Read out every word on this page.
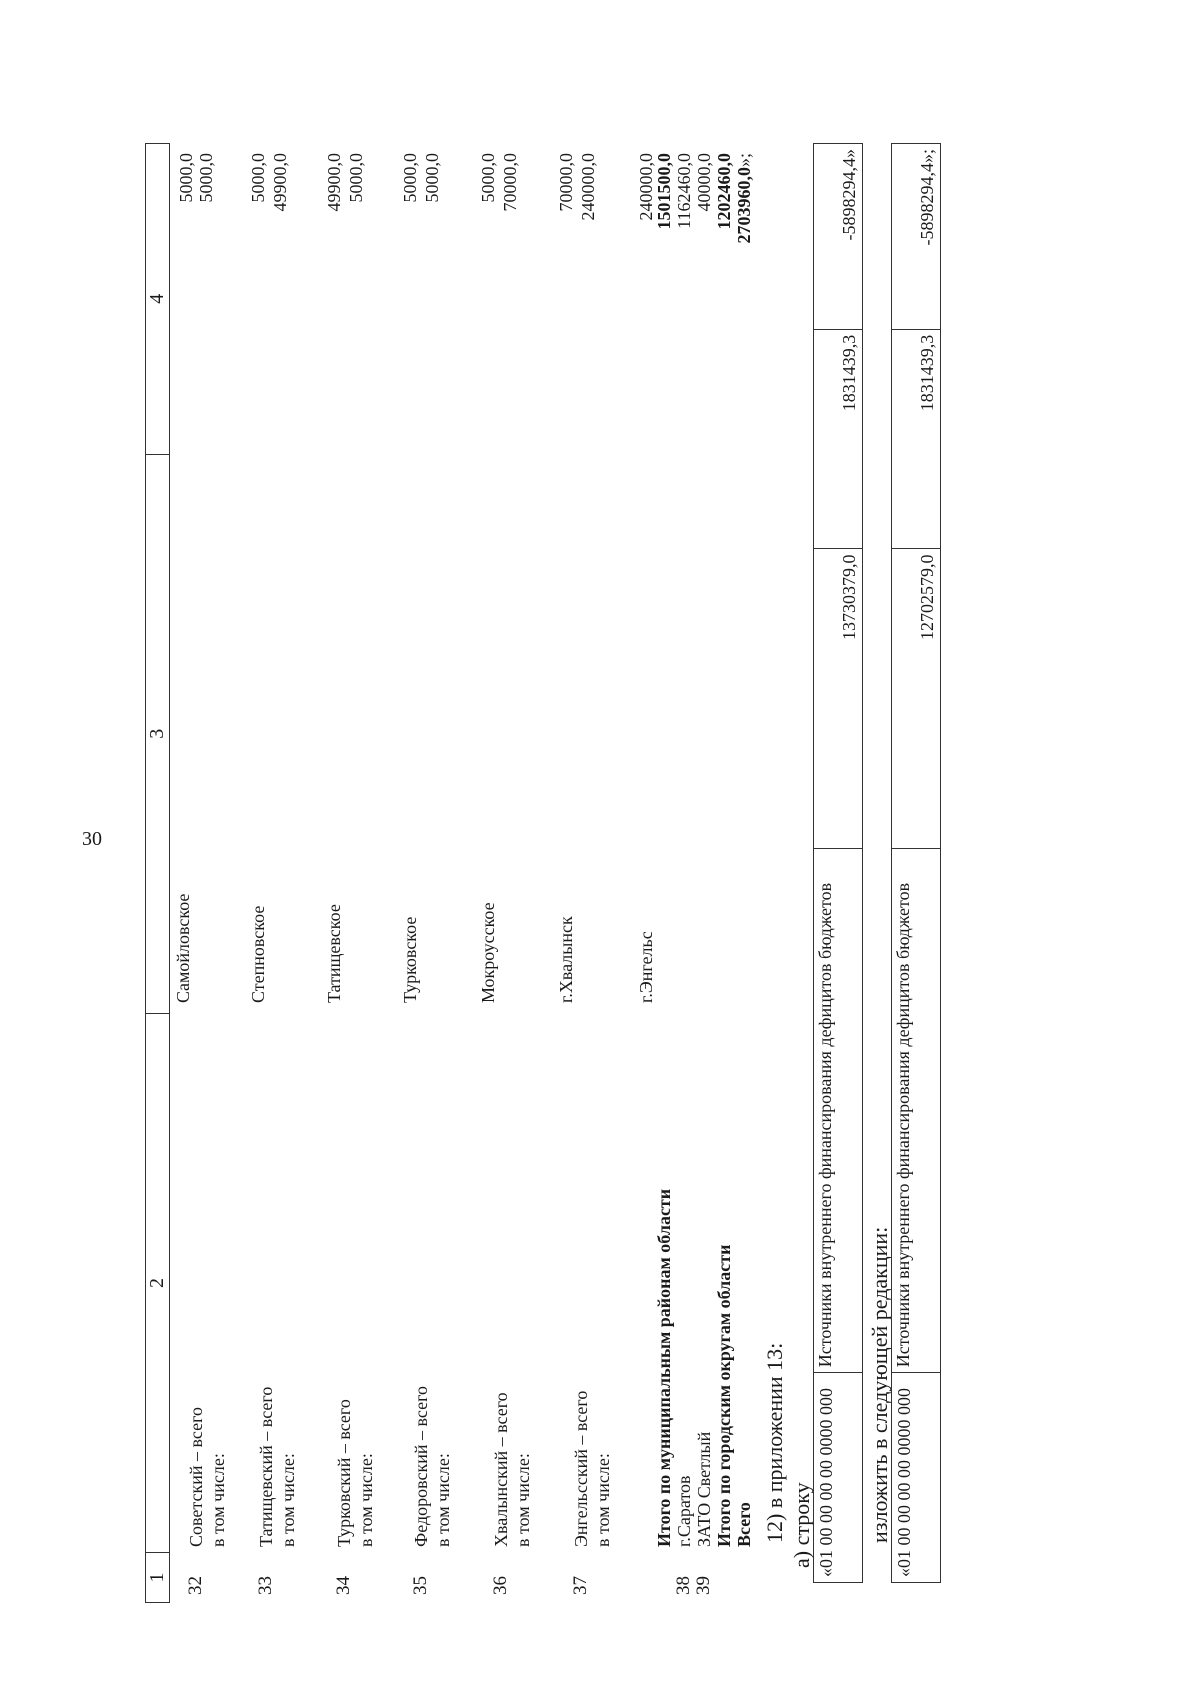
30
1
2
3
4
32
Советский – всего
5000,0
в том числе:
Самойловское
5000,0
33
Татищевский – всего
5000,0
в том числе:
Степновское
49900,0
34
Турковский – всего
49900,0
в том числе:
Татищевское
5000,0
35
Федоровский – всего
5000,0
в том числе:
Турковское
5000,0
36
Хвалынский – всего
5000,0
в том числе:
Мокроусское
70000,0
37
Энгельсский – всего
70000,0
в том числе:
г.Хвалынск
240000,0
г.Энгельс
240000,0
Итого по муниципальным районам области
1501500,0
38
г.Саратов
1162460,0
39
ЗАТО Светлый
40000,0
Итого по городским округам области
1202460,0
Всего
2703960,0»;
12) в приложении 13: а) строку «01 00 00 00 00 0000 000
Источники внутреннего финансирования дефицитов бюджетов
13730379,0
1831439,3
-5898294,4»
изложить в следующей редакции: «01 00 00 00 00 0000 000
Источники внутреннего финансирования дефицитов бюджетов
12702579,0
1831439,3
-5898294,4»;
